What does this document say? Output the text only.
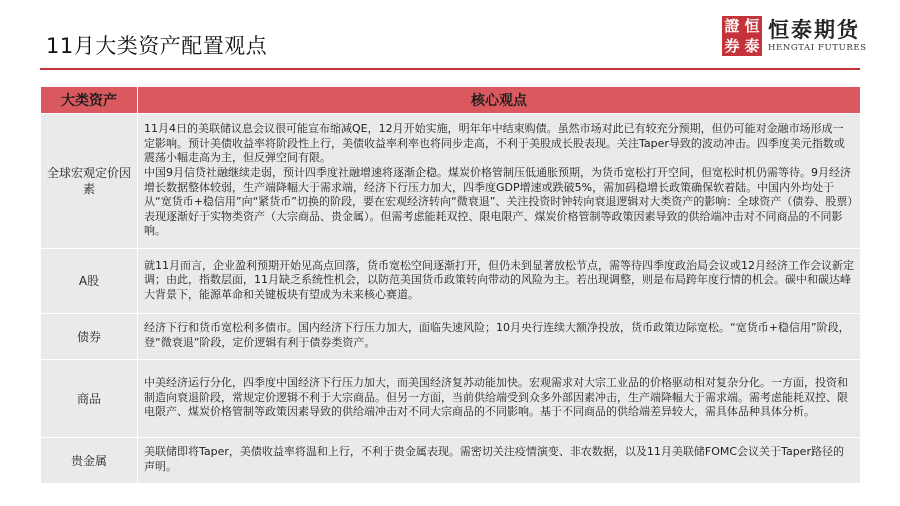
11月大类资产配置观点
證 恒
券 泰
恒泰期货
HENGTAI FUTURES
大类资产	核心观点
全球宏观定价因素	11月4日的美联储议息会议很可能宣布缩减QE，12月开始实施，明年年中结束购债。虽然市场对此已有较充分预期，但仍可能对金融市场形成一定影响。预计美债收益率将阶段性上行，美债收益率利率也将同步走高，不利于美股成长股表现。关注Taper导致的波动冲击。四季度美元指数或震荡小幅走高为主，但反弹空间有限。
中国9月信贷社融继续走弱，预计四季度社融增速将逐渐企稳。煤炭价格管制压低通胀预期，为货币宽松打开空间，但宽松时机仍需等待。9月经济增长数据整体较弱，生产端降幅大于需求端，经济下行压力加大，四季度GDP增速或跌破5%，需加码稳增长政策确保软着陆。中国内外均处于从“宽货币+稳信用”向“紧货币”切换的阶段，要在宏观经济转向“微衰退”、关注投资时钟转向衰退逻辑对大类资产的影响：全球资产（债券、股票）表现逐渐好于实物类资产（大宗商品、贵金属）。但需考虑能耗双控、限电限产、煤炭价格管制等政策因素导致的供给端冲击对不同商品的不同影响。

A股	就11月而言，企业盈利预期开始见高点回落，货币宽松空间逐渐打开，但仍未到显著放松节点，需等待四季度政治局会议或12月经济工作会议新定调；由此，指数层面，11月缺乏系统性机会，以防范美国货币政策转向带动的风险为主。若出现调整，则是布局跨年度行情的机会。碳中和碳达峰大背景下，能源革命和关键板块有望成为未来核心赛道。

债券	经济下行和货币宽松利多债市。国内经济下行压力加大，面临失速风险；10月央行连续大额净投放，货币政策边际宽松。“宽货币+稳信用”阶段，登“微衰退”阶段，定价逻辑有利于债券类资产。

商品	中美经济运行分化，四季度中国经济下行压力加大，而美国经济复苏动能加快。宏观需求对大宗工业品的价格驱动相对复杂分化。一方面，投资和制造向衰退阶段，常规定价逻辑不利于大宗商品。但另一方面，当前供给端受到众多外部因素冲击，生产端降幅大于需求端。需考虑能耗双控、限电限产、煤炭价格管制等政策因素导致的供给端冲击对不同大宗商品的不同影响。基于不同商品的供给端差异较大，需具体品种具体分析。

贵金属	美联储即将Taper，美债收益率将温和上行，不利于贵金属表现。需密切关注疫情演变、非农数据，以及11月美联储FOMC会议关于Taper路径的声明。
